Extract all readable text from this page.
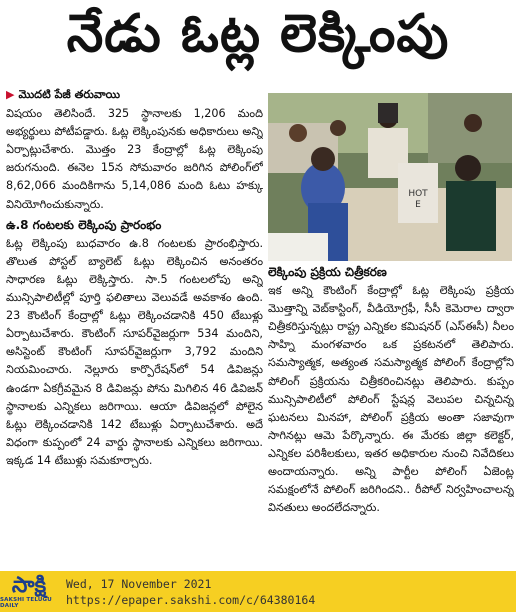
నేడు ఓట్ల లెక్కింపు
▶ మొదటి పేజీ తరువాయి

విషయం తెలిసిందే. 325 స్థానాలకు 1,206 మంది అభ్యర్థులు పోటీపడ్డారు. ఓట్ల లెక్కింపునకు అధికారులు అన్ని ఏర్పాట్లుచేశారు. మొత్తం 23 కేంద్రాల్లో ఓట్ల లెక్కింపు జరుగనుంది. ఈనెల 15న సోమవారం జరిగిన పోలింగ్‌లో 8,62,066 మందికిగాను 5,14,086 మంది ఓటు హక్కు వినియోగించుకున్నారు.

ఉ.8 గంటలకు లెక్కింపు ప్రారంభం

ఓట్ల లెక్కింపు బుధవారం ఉ.8 గంటలకు ప్రారంభిస్తారు. తొలుత పోస్టల్ బ్యాలెట్ ఓట్లు లెక్కించిన అనంతరం సాధారణ ఓట్లు లెక్కిస్తారు. సా.5 గంటలలోపు అన్ని మున్సిపాలిటీల్లో పూర్తి ఫలితాలు వెలువడే అవకాశం ఉంది. 23 కౌంటింగ్ కేంద్రాల్లో ఓట్లు లెక్కించడానికి 450 టేబుళ్లు ఏర్పాటుచేశారు. కౌంటింగ్ సూపర్‌వైజర్లుగా 534 మందిని, అసిస్టెంట్ కౌంటింగ్ సూపర్‌వైజర్లుగా 3,792 మందిని నియమించారు. నెల్లూరు కార్పొరేషన్‌లో 54 డివిజన్లు ఉండగా ఏకగ్రీవమైన 8 డివిజన్లు పోను మిగిలిన 46 డివిజన్ స్థానాలకు ఎన్నికలు జరిగాయి. ఆయా డివిజన్లలో పోలైన ఓట్లు లెక్కించడానికి 142 టేబుళ్లు ఏర్పాటుచేశారు. అదే విధంగా కుప్పంలో 24 వార్డు స్థానాలకు ఎన్నికలు జరిగాయి. ఇక్కడ 14 టేబుళ్లు సమకూర్చారు.

HOT
E
లెక్కింపు ప్రక్రియ చిత్రీకరణ

ఇక అన్ని కౌంటింగ్ కేంద్రాల్లో ఓట్ల లెక్కింపు ప్రక్రియ మొత్తాన్ని వెబ్‌కాస్టింగ్, వీడియోగ్రఫీ, సీసీ కెమెరాల ద్వారా చిత్రీకరిస్తున్నట్లు రాష్ట్ర ఎన్నికల కమిషనర్ (ఎస్ఈసీ) నీలం సాహ్ని మంగళవారం ఒక ప్రకటనలో తెలిపారు. సమస్యాత్మక, అత్యంత సమస్యాత్మక పోలింగ్ కేంద్రాల్లోని పోలింగ్ ప్రక్రియను చిత్రీకరించినట్లు తెలిపారు. కుప్పం మున్సిపాలిటీలో పోలింగ్ స్టేషన్ల వెలుపల చిన్నచిన్న ఘటనలు మినహా, పోలింగ్ ప్రక్రియ అంతా సజావుగా సాగినట్లు ఆమె పేర్కొన్నారు. ఈ మేరకు జిల్లా కలెక్టర్, ఎన్నికల పరిశీలకులు, ఇతర అధికారుల నుంచి నివేదికలు అందాయన్నారు. అన్ని పార్టీల పోలింగ్ ఏజెంట్ల సమక్షంలోనే పోలింగ్ జరిగిందని.. రీపోల్ నిర్వహించాలన్న వినతులు అందలేదన్నారు.

సాక్షి
SAKSHI TELUGU DAILY
Wed, 17 November 2021
https://epaper.sakshi.com/c/64380164
